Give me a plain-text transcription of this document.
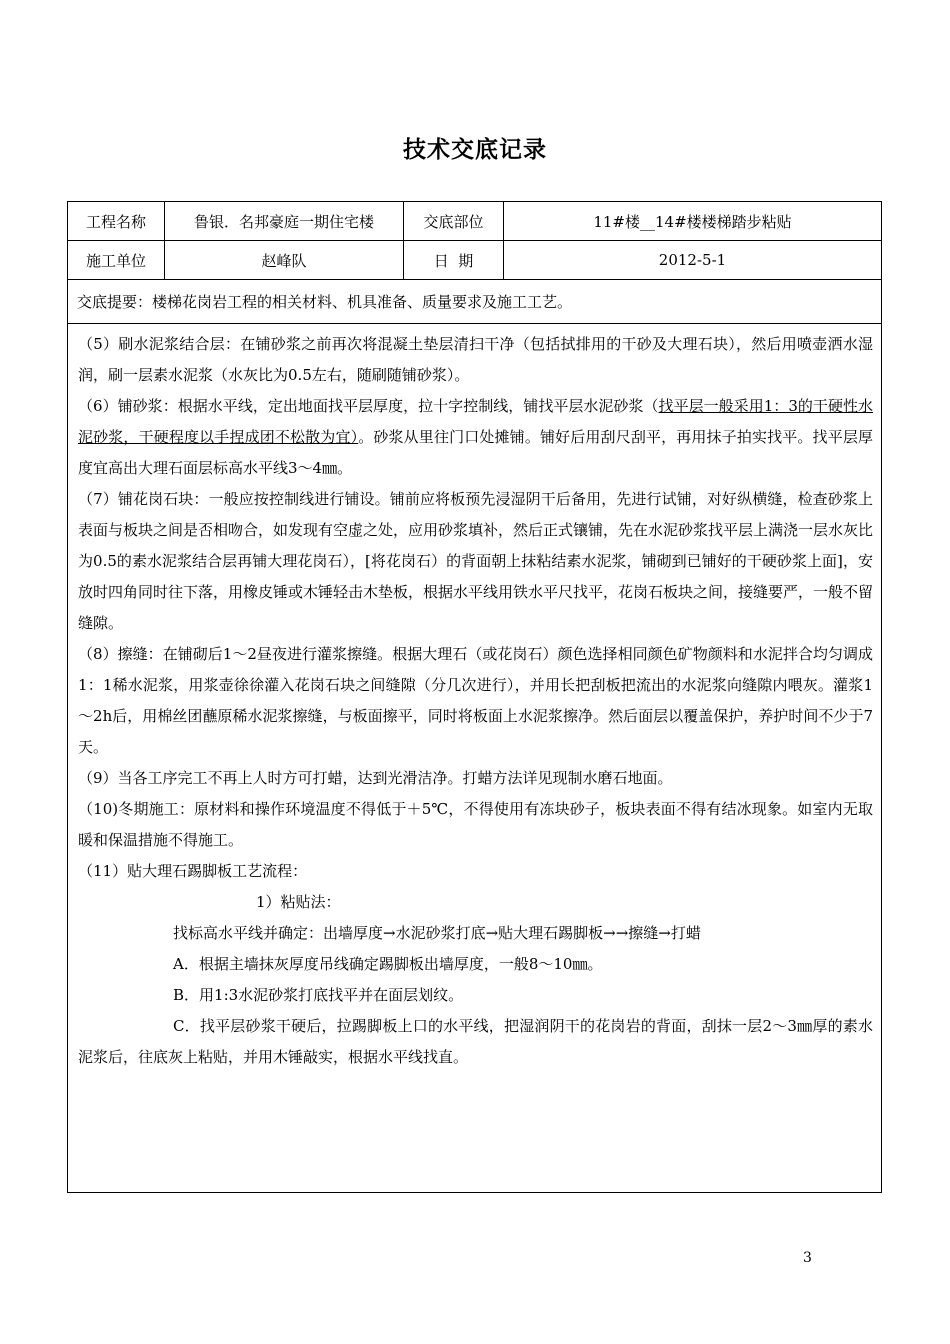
技术交底记录
工程名称	鲁银．名邦豪庭一期住宅楼	交底部位	11#楼__14#楼楼梯踏步粘贴
施工单位	赵峰队	日  期	2012-5-1
交底提要：楼梯花岗岩工程的相关材料、机具准备、质量要求及施工工艺。

（5）刷水泥浆结合层：在铺砂浆之前再次将混凝土垫层清扫干净（包括拭排用的干砂及大理石块），然后用喷壶洒水湿润，刷一层素水泥浆（水灰比为0.5左右，随刷随铺砂浆）。

（6）铺砂浆：根据水平线，定出地面找平层厚度，拉十字控制线，铺找平层水泥砂浆（找平层一般采用1：3的干硬性水泥砂浆，干硬程度以手捏成团不松散为宜）。砂浆从里往门口处摊铺。铺好后用刮尺刮平，再用抹子拍实找平。找平层厚度宜高出大理石面层标高水平线3～4㎜。

（7）铺花岗石块：一般应按控制线进行铺设。铺前应将板预先浸湿阴干后备用，先进行试铺，对好纵横缝，检查砂浆上表面与板块之间是否相吻合，如发现有空虚之处，应用砂浆填补，然后正式镶铺，先在水泥砂浆找平层上满浇一层水灰比为0.5的素水泥浆结合层再铺大理花岗石），[将花岗石）的背面朝上抹粘结素水泥浆，铺砌到已铺好的干硬砂浆上面]，安放时四角同时往下落，用橡皮锤或木锤轻击木垫板，根据水平线用铁水平尺找平，花岗石板块之间，接缝要严，一般不留缝隙。

（8）擦缝：在铺砌后1～2昼夜进行灌浆擦缝。根据大理石（或花岗石）颜色选择相同颜色矿物颜料和水泥拌合均匀调成1：1稀水泥浆，用浆壶徐徐灌入花岗石块之间缝隙（分几次进行），并用长把刮板把流出的水泥浆向缝隙内喂灰。灌浆1～2h后，用棉丝团蘸原稀水泥浆擦缝，与板面擦平，同时将板面上水泥浆擦净。然后面层以覆盖保护，养护时间不少于7天。

（9）当各工序完工不再上人时方可打蜡，达到光滑洁净。打蜡方法详见现制水磨石地面。

（10)冬期施工：原材料和操作环境温度不得低于＋5℃，不得使用有冻块砂子，板块表面不得有结冰现象。如室内无取暖和保温措施不得施工。

（11）贴大理石踢脚板工艺流程：

1）粘贴法：

找标高水平线并确定：出墙厚度→水泥砂浆打底→贴大理石踢脚板→→擦缝→打蜡

A．根据主墙抹灰厚度吊线确定踢脚板出墙厚度，一般8～10㎜。

B．用1:3水泥砂浆打底找平并在面层划纹。

C．找平层砂浆干硬后，拉踢脚板上口的水平线，把湿润阴干的花岗岩的背面，刮抹一层2～3㎜厚的素水泥浆后，往底灰上粘贴，并用木锤敲实，根据水平线找直。

3
